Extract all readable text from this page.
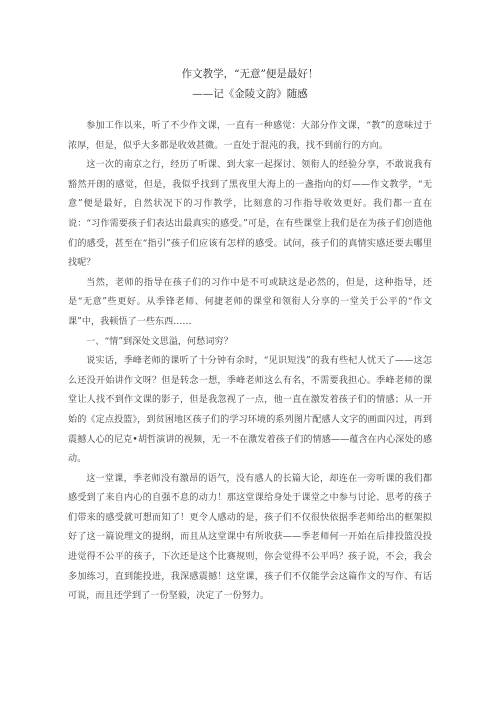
作文教学，“无意”便是最好！
——记《金陵文韵》随感

参加工作以来，听了不少作文课，一直有一种感觉：大部分作文课，“教”的意味过于浓厚，但是，似乎大多都是收效甚微。一直处于混沌的我，找不到前行的方向。

这一次的南京之行，经历了听课、到大家一起探讨、领衔人的经验分享，不敢说我有豁然开朗的感觉，但是，我似乎找到了黑夜里大海上的一盏指向的灯——作文教学，“无意”便是最好，自然状况下的习作教学，比刻意的习作指导收效更好。我们都一直在说：“习作需要孩子们表达出最真实的感受。”可是，在有些课堂上我们是在为孩子们创造他们的感受，甚至在“指引”孩子们应该有怎样的感受。试问，孩子们的真情实感还要去哪里找呢？

当然，老师的指导在孩子们的习作中是不可或缺这是必然的，但是，这种指导，还是“无意”些更好。从季锋老师、何捷老师的课堂和领衔人分享的一堂关于公平的“作文课”中，我顿悟了一些东西……

一、“情”到深处文思溢，何愁词穷？

说实话，季峰老师的课听了十分钟有余时，“见识短浅”的我有些杞人忧天了——这怎么还没开始讲作文呀？但是转念一想，季峰老师这么有名，不需要我担心。季峰老师的课堂让人找不到作文课的影子，但是我忽视了一点，他一直在激发着孩子们的情感；从一开始的《定点投篮》，到贫困地区孩子们的学习环境的系列图片配感人文字的画面闪过，再到震撼人心的尼克•胡哲演讲的视频，无一不在激发着孩子们的情感——蕴含在内心深处的感动。

这一堂课，季老师没有激昂的语气，没有感人的长篇大论，却连在一旁听课的我们都感受到了来自内心的自强不息的动力！那这堂课给身处于课堂之中参与讨论、思考的孩子们带来的感受就可想而知了！更令人感动的是，孩子们不仅很快依据季老师给出的框架拟好了这一篇说理文的提纲，而且从这堂课中有所收获——季老师何一开始在后排投篮没投进觉得不公平的孩子，下次还是这个比赛规则，你会觉得不公平吗？孩子说，不会，我会多加练习，直到能投进，我深感震撼！这堂课，孩子们不仅能学会这篇作文的写作、有话可说，而且还学到了一份坚毅，决定了一份努力。
